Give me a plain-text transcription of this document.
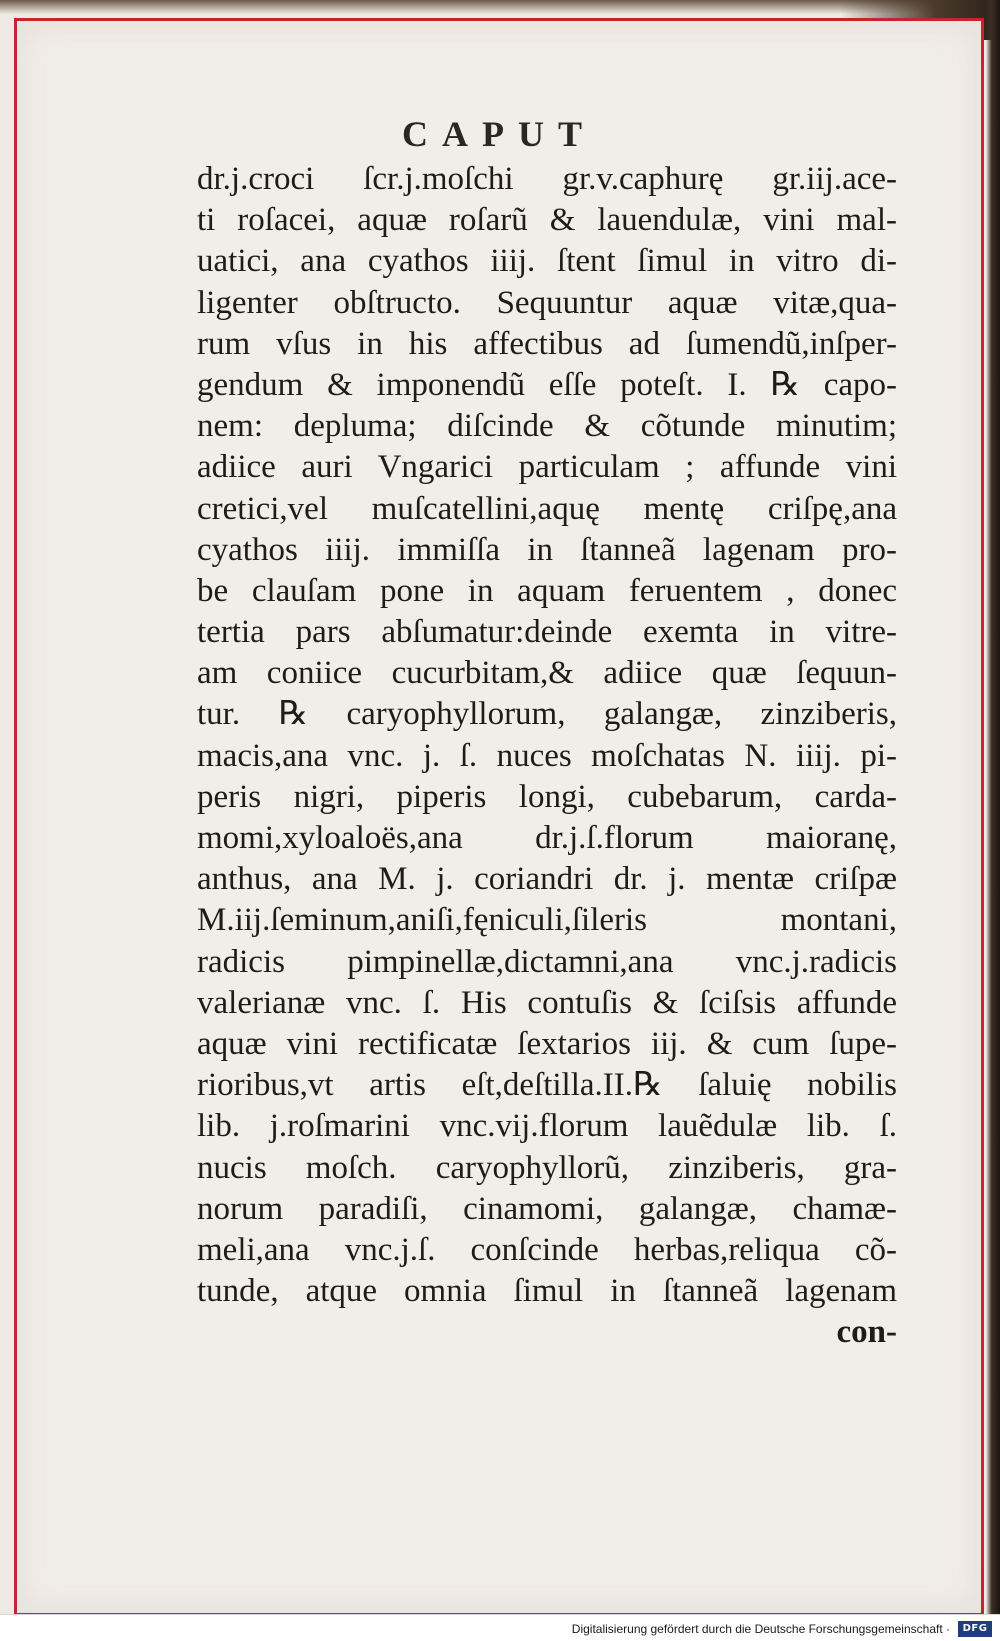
CAPUT
dr.j.croci ſcr.j.moſchi gr.v.caphurę gr.iij.ace-
ti roſacei, aquæ roſarũ & lauendulæ, vini mal-
uatici, ana cyathos iiij. ſtent ſimul in vitro di-
ligenter obſtructo. Sequuntur aquæ vitæ,qua-
rum vſus in his affectibus ad ſumendũ,inſper-
gendum & imponendũ eſſe poteſt. I. ℞ capo-
nem: depluma; diſcinde & cõtunde minutim;
adiice auri Vngarici particulam ; affunde vini
cretici,vel muſcatellini,aquę mentę criſpę,ana
cyathos iiij. immiſſa in ſtanneã lagenam pro-
be clauſam pone in aquam feruentem , donec
tertia pars abſumatur:deinde exemta in vitre-
am coniice cucurbitam,& adiice quæ ſequun-
tur. ℞ caryophyllorum, galangæ, zinziberis,
macis,ana vnc. j. ſ. nuces moſchatas N. iiij. pi-
peris nigri, piperis longi, cubebarum, carda-
momi,xyloaloës,ana dr.j.ſ.florum maioranę,
anthus, ana M. j. coriandri dr. j. mentæ criſpæ
M.iij.ſeminum,aniſi,fęniculi,ſileris montani,
radicis pimpinellæ,dictamni,ana vnc.j.radicis
valerianæ vnc. ſ. His contuſis & ſciſsis affunde
aquæ vini rectificatæ ſextarios iij. & cum ſupe-
rioribus,vt artis eſt,deſtilla.II.℞ ſaluię nobilis
lib. j.roſmarini vnc.vij.florum lauẽdulæ lib. ſ.
nucis moſch. caryophyllorũ, zinziberis, gra-
norum paradiſi, cinamomi, galangæ, chamæ-
meli,ana vnc.j.ſ. conſcinde herbas,reliqua cõ-
tunde, atque omnia ſimul in ſtanneã lagenam
con-
Digitalisierung gefördert durch die Deutsche Forschungsgemeinschaft ·	DFG
